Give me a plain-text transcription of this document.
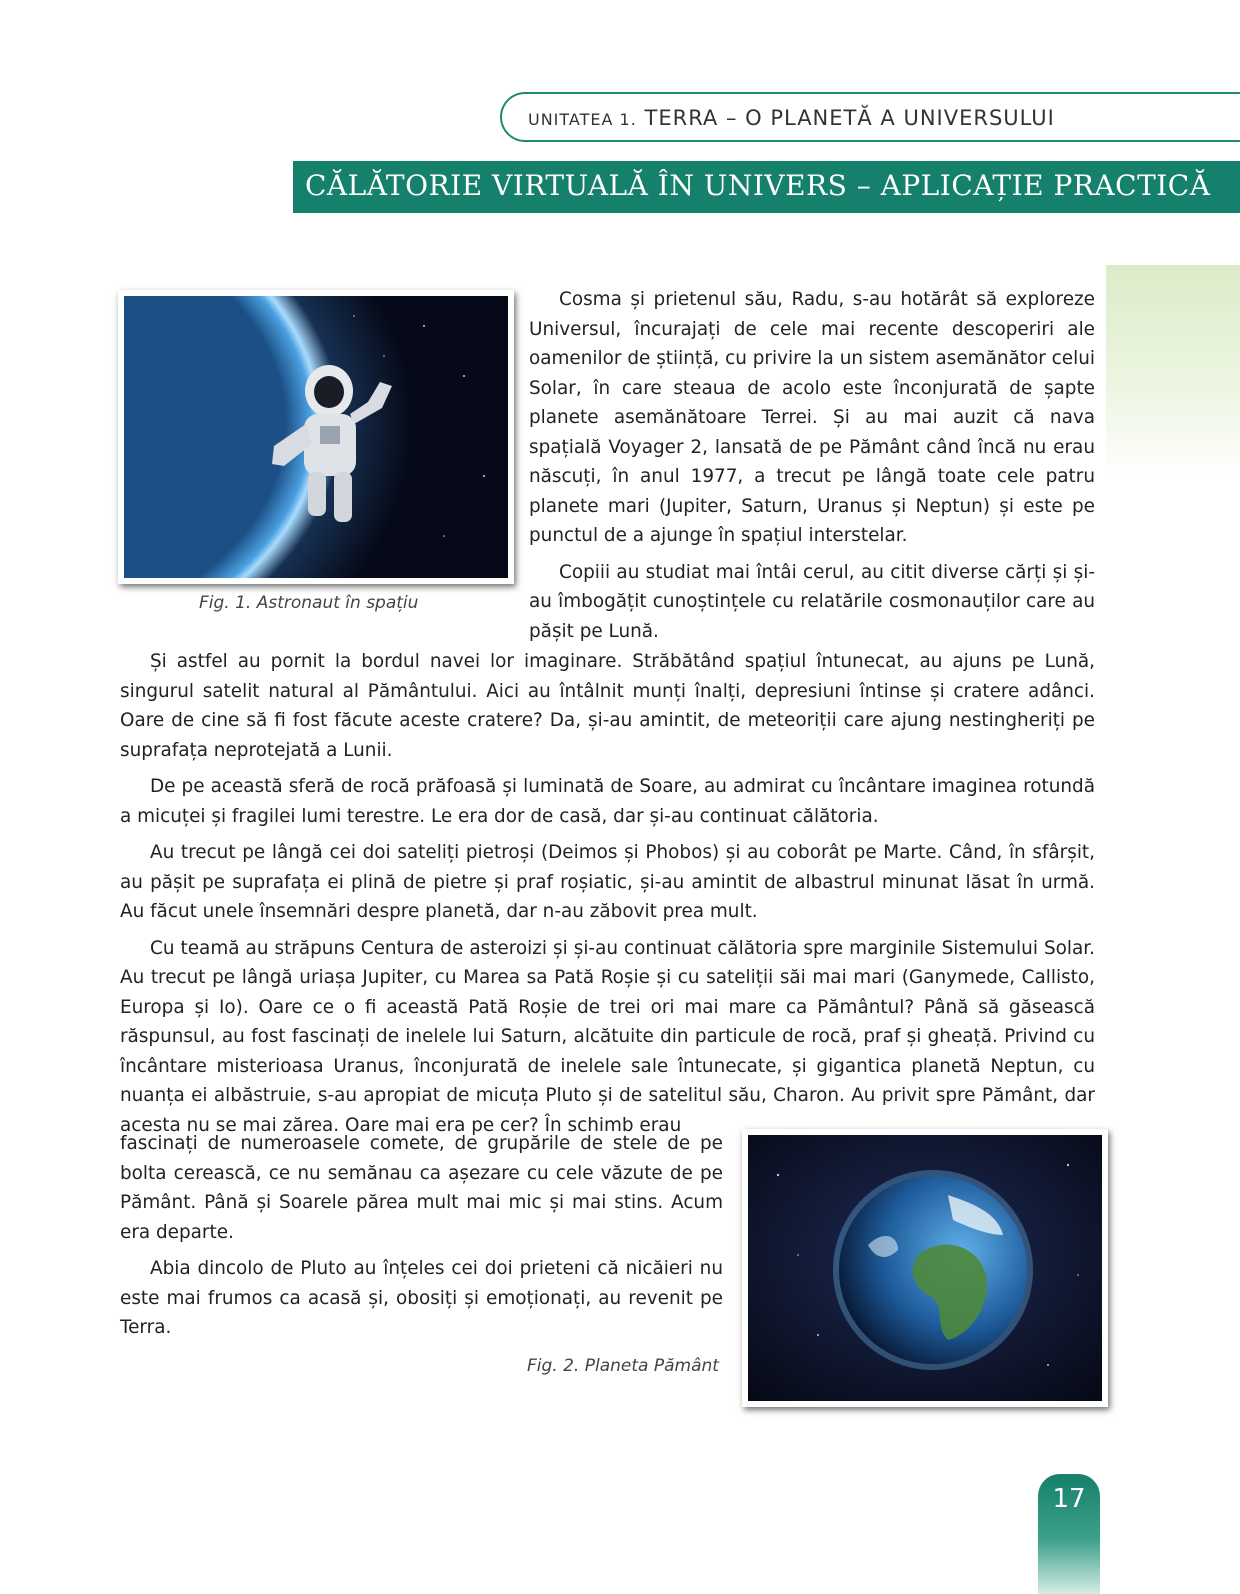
UNITATEA 1. TERRA – O PLANETĂ A UNIVERSULUI
CĂLĂTORIE VIRTUALĂ ÎN UNIVERS – APLICAȚIE PRACTICĂ
Fig. 1. Astronaut în spațiu

Cosma și prietenul său, Radu, s-au hotărât să exploreze Universul, încurajați de cele mai recente descoperiri ale oamenilor de știință, cu privire la un sistem asemănător celui Solar, în care steaua de acolo este înconjurată de șapte planete asemănătoare Terrei. Și au mai auzit că nava spațială Voyager 2, lansată de pe Pământ când încă nu erau născuți, în anul 1977, a trecut pe lângă toate cele patru planete mari (Jupiter, Saturn, Uranus și Neptun) și este pe punctul de a ajunge în spațiul interstelar.

Copiii au studiat mai întâi cerul, au citit diverse cărți și și-au îmbogățit cunoștințele cu relatările cosmonauților care au pășit pe Lună.

Și astfel au pornit la bordul navei lor imaginare. Străbătând spațiul întunecat, au ajuns pe Lună, singurul satelit natural al Pământului. Aici au întâlnit munți înalți, depresiuni întinse și cratere adânci. Oare de cine să fi fost făcute aceste cratere? Da, și-au amintit, de meteoriții care ajung nestingheriți pe suprafața neprotejată a Lunii.

De pe această sferă de rocă prăfoasă și luminată de Soare, au admirat cu încântare imaginea rotundă a micuței și fragilei lumi terestre. Le era dor de casă, dar și-au continuat călătoria.

Au trecut pe lângă cei doi sateliți pietroși (Deimos și Phobos) și au coborât pe Marte. Când, în sfârșit, au pășit pe suprafața ei plină de pietre și praf roșiatic, și-au amintit de albastrul minunat lăsat în urmă. Au făcut unele însemnări despre planetă, dar n-au zăbovit prea mult.

Cu teamă au străpuns Centura de asteroizi și și-au continuat călătoria spre marginile Sistemului Solar. Au trecut pe lângă uriașa Jupiter, cu Marea sa Pată Roșie și cu sateliții săi mai mari (Ganymede, Callisto, Europa și Io). Oare ce o fi această Pată Roșie de trei ori mai mare ca Pământul? Până să găsească răspunsul, au fost fascinați de inelele lui Saturn, alcătuite din particule de rocă, praf și gheață. Privind cu încântare misterioasa Uranus, înconjurată de inelele sale întunecate, și gigantica planetă Neptun, cu nuanța ei albăstruie, s-au apropiat de micuța Pluto și de satelitul său, Charon. Au privit spre Pământ, dar acesta nu se mai zărea. Oare mai era pe cer? În schimb erau

fascinați de numeroasele comete, de grupările de stele de pe bolta cerească, ce nu semănau ca așezare cu cele văzute de pe Pământ. Până și Soarele părea mult mai mic și mai stins. Acum era departe.

Abia dincolo de Pluto au înțeles cei doi prieteni că nicăieri nu este mai frumos ca acasă și, obosiți și emoționați, au revenit pe Terra.

Fig. 2. Planeta Pământ
17
